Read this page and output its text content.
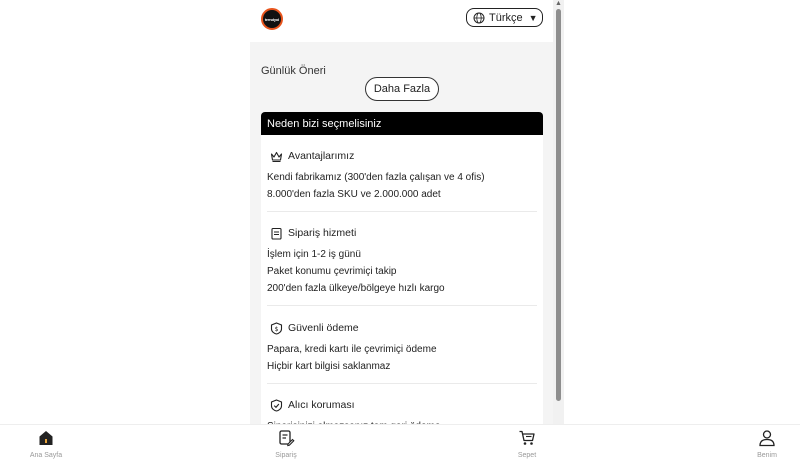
trendyol	Türkçe ▼
Günlük Öneri
Daha Fazla
Neden bizi seçmelisiniz
Avantajlarımız
Kendi fabrikamız (300'den fazla çalışan ve 4 ofis)
8.000'den fazla SKU ve 2.000.000 adet
Sipariş hizmeti
İşlem için 1-2 iş günü
Paket konumu çevrimiçi takip
200'den fazla ülkeye/bölgeye hızlı kargo
$ Güvenli ödeme
Papara, kredi kartı ile çevrimiçi ödeme
Hiçbir kart bilgisi saklanmaz
Alıcı koruması
▲
Ana Sayfa	Sipariş	Sepet	Benim
